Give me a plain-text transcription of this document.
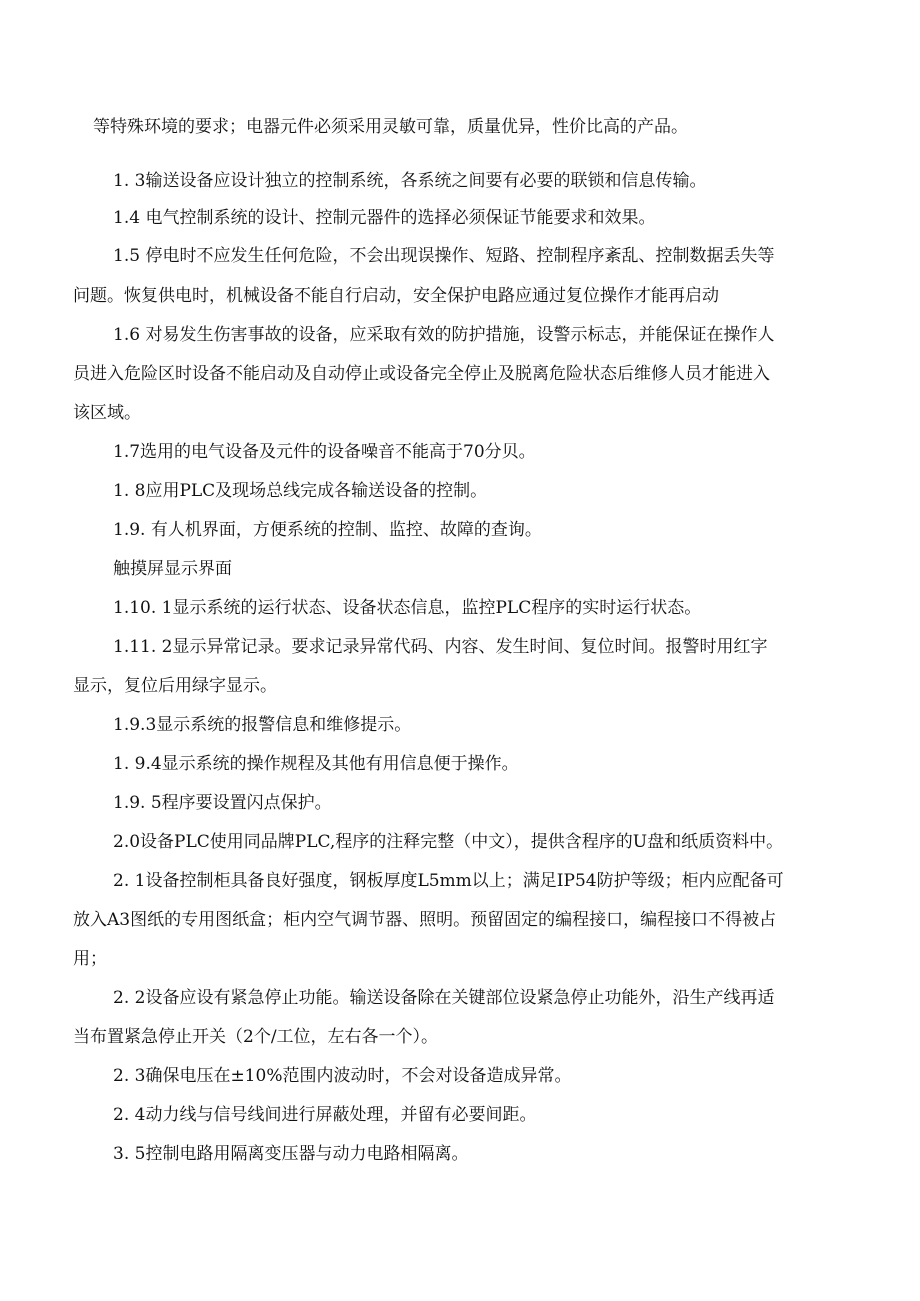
等特殊环境的要求；电器元件必须采用灵敏可靠，质量优异，性价比高的产品。
1. 3输送设备应设计独立的控制系统，各系统之间要有必要的联锁和信息传输。
1.4 电气控制系统的设计、控制元器件的选择必须保证节能要求和效果。
1.5 停电时不应发生任何危险，不会出现误操作、短路、控制程序紊乱、控制数据丢失等
问题。恢复供电时，机械设备不能自行启动，安全保护电路应通过复位操作才能再启动
1.6 对易发生伤害事故的设备，应采取有效的防护措施，设警示标志，并能保证在操作人
员进入危险区时设备不能启动及自动停止或设备完全停止及脱离危险状态后维修人员才能进入
该区域。
1.7选用的电气设备及元件的设备噪音不能高于70分贝。
1. 8应用PLC及现场总线完成各输送设备的控制。
1.9. 有人机界面，方便系统的控制、监控、故障的查询。
触摸屏显示界面
1.10. 1显示系统的运行状态、设备状态信息，监控PLC程序的实时运行状态。
1.11. 2显示异常记录。要求记录异常代码、内容、发生时间、复位时间。报警时用红字
显示，复位后用绿字显示。
1.9.3显示系统的报警信息和维修提示。
1. 9.4显示系统的操作规程及其他有用信息便于操作。
1.9. 5程序要设置闪点保护。
2.0设备PLC使用同品牌PLC,程序的注释完整（中文），提供含程序的U盘和纸质资料中。
2. 1设备控制柜具备良好强度，钢板厚度L5mm以上；满足IP54防护等级；柜内应配备可
放入A3图纸的专用图纸盒；柜内空气调节器、照明。预留固定的编程接口，编程接口不得被占
用；
2. 2设备应设有紧急停止功能。输送设备除在关键部位设紧急停止功能外，沿生产线再适
当布置紧急停止开关（2个/工位，左右各一个）。
2. 3确保电压在±10%范围内波动时，不会对设备造成异常。
2. 4动力线与信号线间进行屏蔽处理，并留有必要间距。
3. 5控制电路用隔离变压器与动力电路相隔离。
